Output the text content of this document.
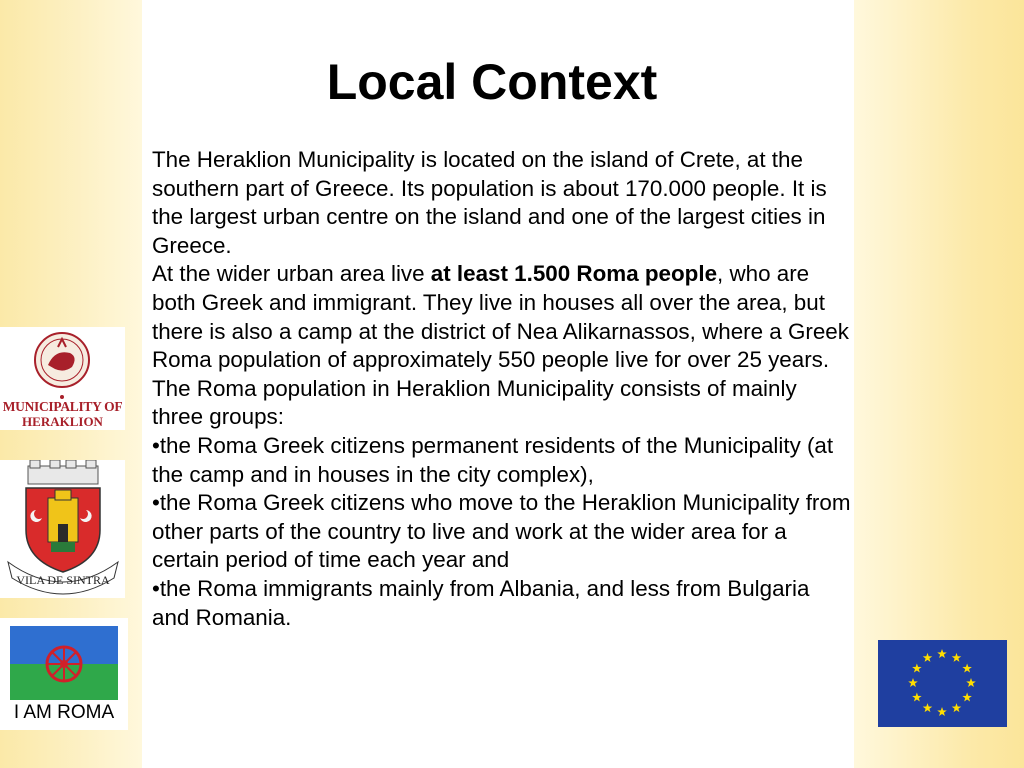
Local Context

The Heraklion Municipality is located on the island of Crete, at the southern part of Greece. Its population is about 170.000 people. It is the largest urban centre on the island and one of the largest cities in Greece.

At the wider urban area live at least 1.500 Roma people, who are both Greek and immigrant. They live in houses all over the area, but there is also a camp at the district of Nea Alikarnassos, where a Greek Roma population of approximately 550 people live for over 25 years.

The Roma population in Heraklion Municipality consists of mainly three groups:

•the Roma Greek citizens permanent residents of the Municipality (at the camp and in houses in the city complex),

•the Roma Greek citizens who move to the Heraklion Municipality from other parts of the country to live and work at the wider area for a certain period of time each year and

•the Roma immigrants mainly from Albania, and less from Bulgaria and Romania.

MUNICIPALITY OF
HERAKLION
VILA DE SINTRA
I AM ROMA
